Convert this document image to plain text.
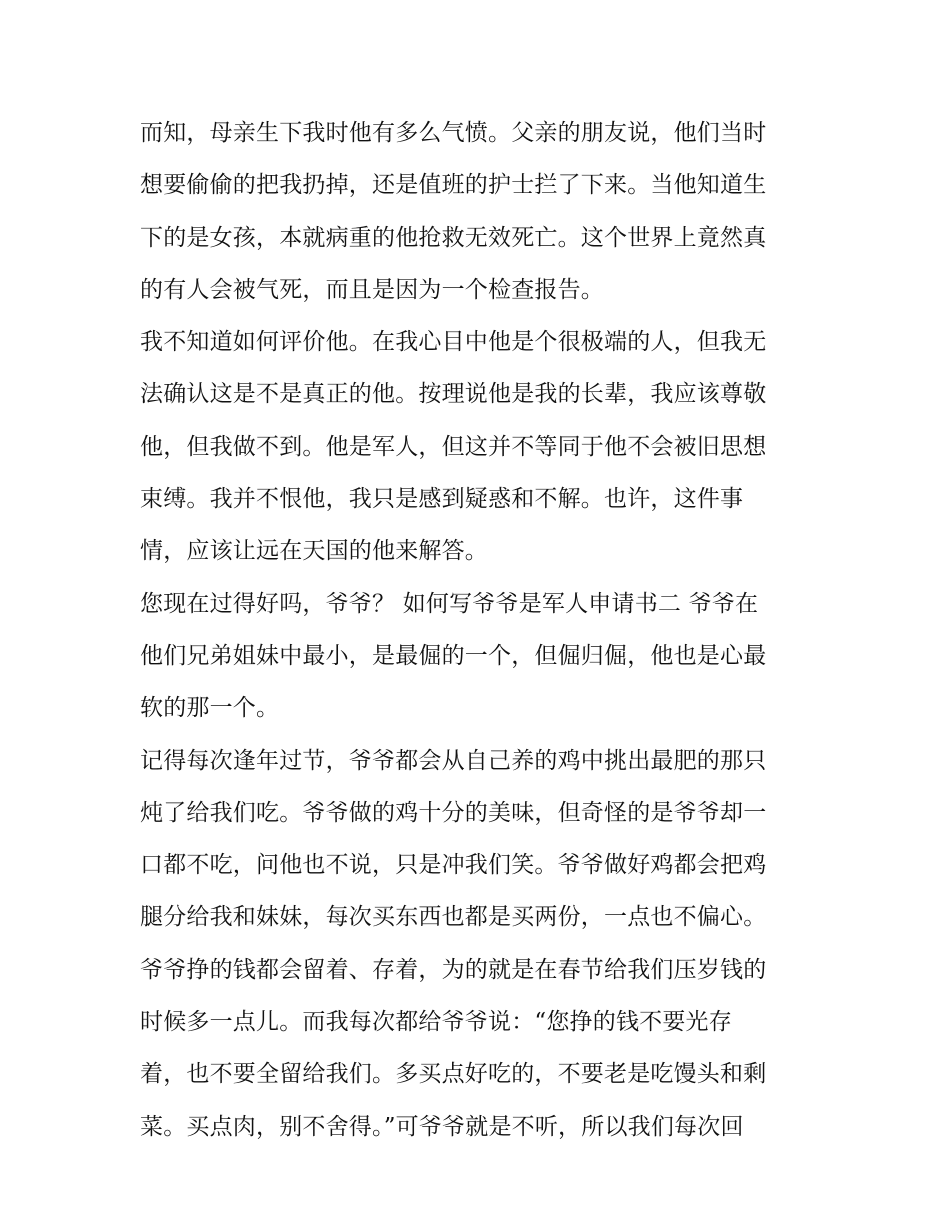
而知，母亲生下我时他有多么气愤。父亲的朋友说，他们当时
想要偷偷的把我扔掉，还是值班的护士拦了下来。当他知道生
下的是女孩，本就病重的他抢救无效死亡。这个世界上竟然真
的有人会被气死，而且是因为一个检查报告。
我不知道如何评价他。在我心目中他是个很极端的人，但我无
法确认这是不是真正的他。按理说他是我的长辈，我应该尊敬
他，但我做不到。他是军人，但这并不等同于他不会被旧思想
束缚。我并不恨他，我只是感到疑惑和不解。也许，这件事
情，应该让远在天国的他来解答。
您现在过得好吗，爷爷？ 如何写爷爷是军人申请书二 爷爷在
他们兄弟姐妹中最小，是最倔的一个，但倔归倔，他也是心最
软的那一个。
记得每次逢年过节，爷爷都会从自己养的鸡中挑出最肥的那只
炖了给我们吃。爷爷做的鸡十分的美味，但奇怪的是爷爷却一
口都不吃，问他也不说，只是冲我们笑。爷爷做好鸡都会把鸡
腿分给我和妹妹，每次买东西也都是买两份，一点也不偏心。
爷爷挣的钱都会留着、存着，为的就是在春节给我们压岁钱的
时候多一点儿。而我每次都给爷爷说：“您挣的钱不要光存
着，也不要全留给我们。多买点好吃的，不要老是吃馒头和剩
菜。买点肉，别不舍得。”可爷爷就是不听，所以我们每次回
